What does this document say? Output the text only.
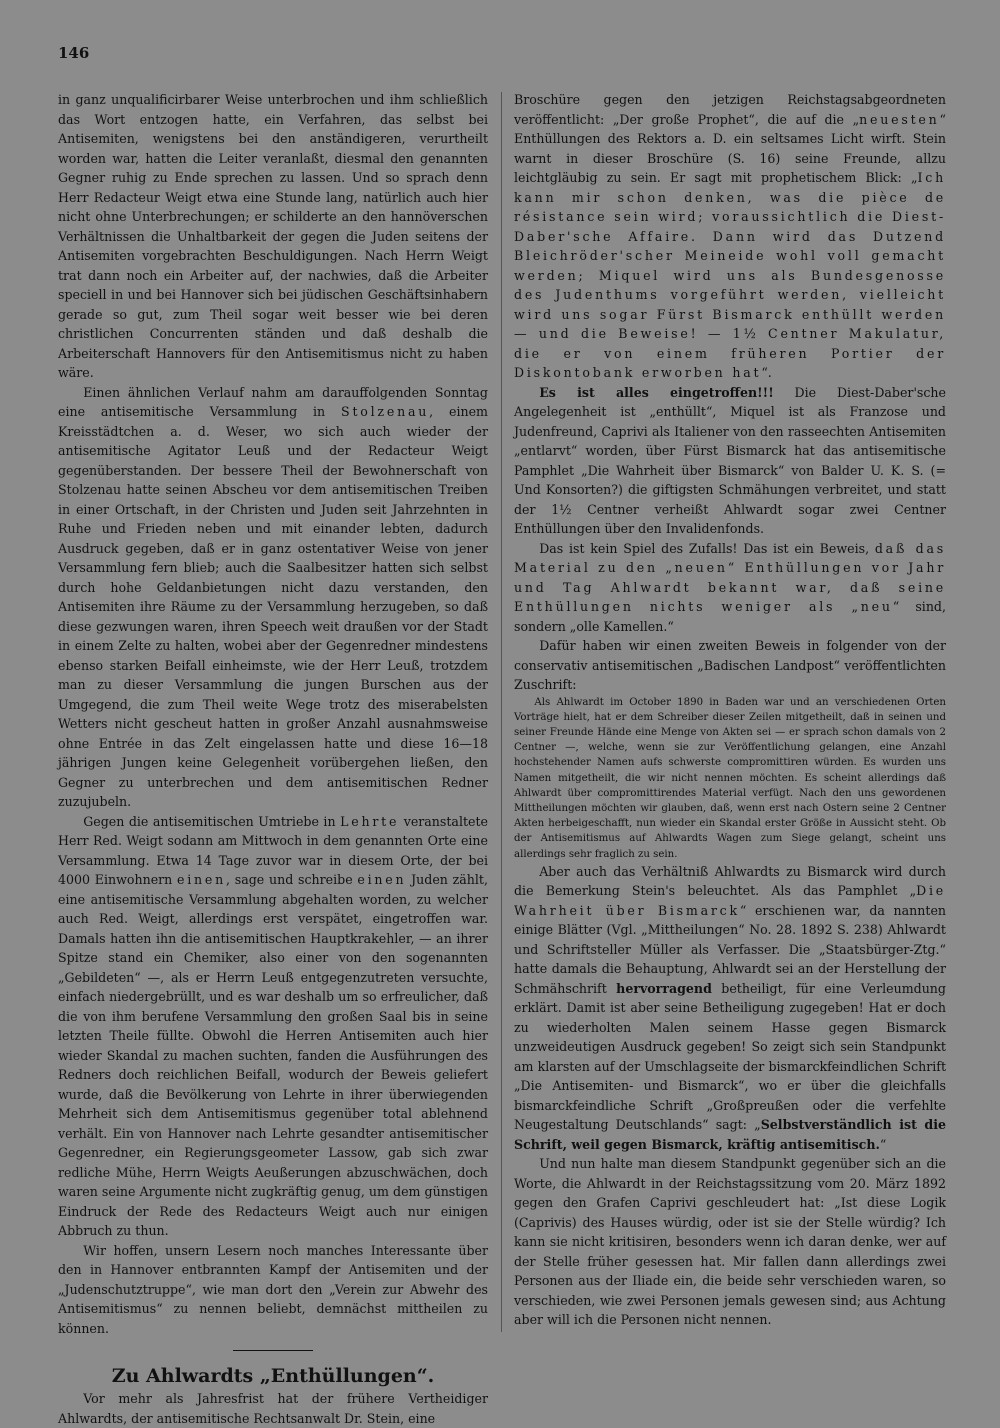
146

in ganz unqualificirbarer Weise unterbrochen und ihm schließlich das Wort entzogen hatte, ein Verfahren, das selbst bei Antisemiten, wenigstens bei den anständigeren, verurtheilt worden war, hatten die Leiter veranlaßt, diesmal den genannten Gegner ruhig zu Ende sprechen zu lassen. Und so sprach denn Herr Redacteur Weigt etwa eine Stunde lang, natürlich auch hier nicht ohne Unterbrechungen; er schilderte an den hannöverschen Verhältnissen die Unhaltbarkeit der gegen die Juden seitens der Antisemiten vorgebrachten Beschuldigungen. Nach Herrn Weigt trat dann noch ein Arbeiter auf, der nachwies, daß die Arbeiter speciell in und bei Hannover sich bei jüdischen Geschäftsinhabern gerade so gut, zum Theil sogar weit besser wie bei deren christlichen Concurrenten ständen und daß deshalb die Arbeiterschaft Hannovers für den Antisemitismus nicht zu haben wäre.

Einen ähnlichen Verlauf nahm am darauffolgenden Sonntag eine antisemitische Versammlung in Stolzenau, einem Kreisstädtchen a. d. Weser, wo sich auch wieder der antisemitische Agitator Leuß und der Redacteur Weigt gegenüberstanden. Der bessere Theil der Bewohnerschaft von Stolzenau hatte seinen Abscheu vor dem antisemitischen Treiben in einer Ortschaft, in der Christen und Juden seit Jahrzehnten in Ruhe und Frieden neben und mit einander lebten, dadurch Ausdruck gegeben, daß er in ganz ostentativer Weise von jener Versammlung fern blieb; auch die Saalbesitzer hatten sich selbst durch hohe Geldanbietungen nicht dazu verstanden, den Antisemiten ihre Räume zu der Versammlung herzugeben, so daß diese gezwungen waren, ihren Speech weit draußen vor der Stadt in einem Zelte zu halten, wobei aber der Gegenredner mindestens ebenso starken Beifall einheimste, wie der Herr Leuß, trotzdem man zu dieser Versammlung die jungen Burschen aus der Umgegend, die zum Theil weite Wege trotz des miserabelsten Wetters nicht gescheut hatten in großer Anzahl ausnahmsweise ohne Entrée in das Zelt eingelassen hatte und diese 16—18 jährigen Jungen keine Gelegenheit vorübergehen ließen, den Gegner zu unterbrechen und dem antisemitischen Redner zuzujubeln.

Gegen die antisemitischen Umtriebe in Lehrte veranstaltete Herr Red. Weigt sodann am Mittwoch in dem genannten Orte eine Versammlung. Etwa 14 Tage zuvor war in diesem Orte, der bei 4000 Einwohnern einen, sage und schreibe einen Juden zählt, eine antisemitische Versammlung abgehalten worden, zu welcher auch Red. Weigt, allerdings erst verspätet, eingetroffen war. Damals hatten ihn die antisemitischen Hauptkrakehler, — an ihrer Spitze stand ein Chemiker, also einer von den sogenannten „Gebildeten“ —, als er Herrn Leuß entgegenzutreten versuchte, einfach niedergebrüllt, und es war deshalb um so erfreulicher, daß die von ihm berufene Versammlung den großen Saal bis in seine letzten Theile füllte. Obwohl die Herren Antisemiten auch hier wieder Skandal zu machen suchten, fanden die Ausführungen des Redners doch reichlichen Beifall, wodurch der Beweis geliefert wurde, daß die Bevölkerung von Lehrte in ihrer überwiegenden Mehrheit sich dem Antisemitismus gegenüber total ablehnend verhält. Ein von Hannover nach Lehrte gesandter antisemitischer Gegenredner, ein Regierungsgeometer Lassow, gab sich zwar redliche Mühe, Herrn Weigts Aeußerungen abzuschwächen, doch waren seine Argumente nicht zugkräftig genug, um dem günstigen Eindruck der Rede des Redacteurs Weigt auch nur einigen Abbruch zu thun.

Wir hoffen, unsern Lesern noch manches Interessante über den in Hannover entbrannten Kampf der Antisemiten und der „Judenschutztruppe“, wie man dort den „Verein zur Abwehr des Antisemitismus“ zu nennen beliebt, demnächst mittheilen zu können.

Zu Ahlwardts „Enthüllungen“.

Vor mehr als Jahresfrist hat der frühere Vertheidiger Ahlwardts, der antisemitische Rechtsanwalt Dr. Stein, eine

Broschüre gegen den jetzigen Reichstagsabgeordneten veröffentlicht: „Der große Prophet“, die auf die „neuesten“ Enthüllungen des Rektors a. D. ein seltsames Licht wirft. Stein warnt in dieser Broschüre (S. 16) seine Freunde, allzu leichtgläubig zu sein. Er sagt mit prophetischem Blick: „Ich kann mir schon denken, was die pièce de résistance sein wird; voraussichtlich die Diest-Daber'sche Affaire. Dann wird das Dutzend Bleichröder'scher Meineide wohl voll gemacht werden; Miquel wird uns als Bundesgenosse des Judenthums vorgeführt werden, vielleicht wird uns sogar Fürst Bismarck enthüllt werden — und die Beweise! — 1½ Centner Makulatur, die er von einem früheren Portier der Diskontobank erworben hat“.

Es ist alles eingetroffen!!! Die Diest-Daber'sche Angelegenheit ist „enthüllt“, Miquel ist als Franzose und Judenfreund, Caprivi als Italiener von den rasseechten Antisemiten „entlarvt“ worden, über Fürst Bismarck hat das antisemitische Pamphlet „Die Wahrheit über Bismarck“ von Balder U. K. S. (= Und Konsorten?) die giftigsten Schmähungen verbreitet, und statt der 1½ Centner verheißt Ahlwardt sogar zwei Centner Enthüllungen über den Invalidenfonds.

Das ist kein Spiel des Zufalls! Das ist ein Beweis, daß das Material zu den „neuen“ Enthüllungen vor Jahr und Tag Ahlwardt bekannt war, daß seine Enthüllungen nichts weniger als „neu“ sind, sondern „olle Kamellen.“

Dafür haben wir einen zweiten Beweis in folgender von der conservativ antisemitischen „Badischen Landpost“ veröffentlichten Zuschrift:

Als Ahlwardt im October 1890 in Baden war und an verschiedenen Orten Vorträge hielt, hat er dem Schreiber dieser Zeilen mitgetheilt, daß in seinen und seiner Freunde Hände eine Menge von Akten sei — er sprach schon damals von 2 Centner —, welche, wenn sie zur Veröffentlichung gelangen, eine Anzahl hochstehender Namen aufs schwerste compromittiren würden. Es wurden uns Namen mitgetheilt, die wir nicht nennen möchten. Es scheint allerdings daß Ahlwardt über compromittirendes Material verfügt. Nach den uns gewordenen Mittheilungen möchten wir glauben, daß, wenn erst nach Ostern seine 2 Centner Akten herbeigeschafft, nun wieder ein Skandal erster Größe in Aussicht steht. Ob der Antisemitismus auf Ahlwardts Wagen zum Siege gelangt, scheint uns allerdings sehr fraglich zu sein.

Aber auch das Verhältniß Ahlwardts zu Bismarck wird durch die Bemerkung Stein's beleuchtet. Als das Pamphlet „Die Wahrheit über Bismarck“ erschienen war, da nannten einige Blätter (Vgl. „Mittheilungen“ No. 28. 1892 S. 238) Ahlwardt und Schriftsteller Müller als Verfasser. Die „Staatsbürger-Ztg.“ hatte damals die Behauptung, Ahlwardt sei an der Herstellung der Schmähschrift hervorragend betheiligt, für eine Verleumdung erklärt. Damit ist aber seine Betheiligung zugegeben! Hat er doch zu wiederholten Malen seinem Hasse gegen Bismarck unzweideutigen Ausdruck gegeben! So zeigt sich sein Standpunkt am klarsten auf der Umschlagseite der bismarckfeindlichen Schrift „Die Antisemiten- und Bismarck“, wo er über die gleichfalls bismarckfeindliche Schrift „Großpreußen oder die verfehlte Neugestaltung Deutschlands“ sagt: „Selbstverständlich ist die Schrift, weil gegen Bismarck, kräftig antisemitisch.“

Und nun halte man diesem Standpunkt gegenüber sich an die Worte, die Ahlwardt in der Reichstagssitzung vom 20. März 1892 gegen den Grafen Caprivi geschleudert hat: „Ist diese Logik (Caprivis) des Hauses würdig, oder ist sie der Stelle würdig? Ich kann sie nicht kritisiren, besonders wenn ich daran denke, wer auf der Stelle früher gesessen hat. Mir fallen dann allerdings zwei Personen aus der Iliade ein, die beide sehr verschieden waren, so verschieden, wie zwei Personen jemals gewesen sind; aus Achtung aber will ich die Personen nicht nennen.
